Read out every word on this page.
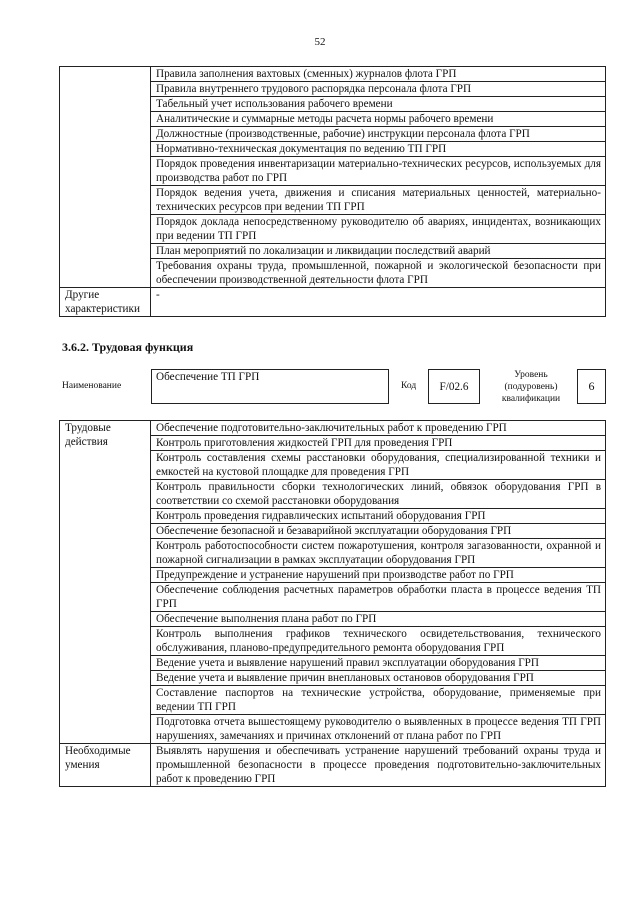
52
	Правила заполнения вахтовых (сменных) журналов флота ГРП
	Правила внутреннего трудового распорядка персонала флота ГРП
	Табельный учет использования рабочего времени
	Аналитические и суммарные методы расчета нормы рабочего времени
	Должностные (производственные, рабочие) инструкции персонала флота ГРП
	Нормативно-техническая документация по ведению ТП ГРП
	Порядок проведения инвентаризации материально-технических ресурсов, используемых для производства работ по ГРП
	Порядок ведения учета, движения и списания материальных ценностей, материально-технических ресурсов при ведении ТП ГРП
	Порядок доклада непосредственному руководителю об авариях, инцидентах, возникающих при ведении ТП ГРП
	План мероприятий по локализации и ликвидации последствий аварий
	Требования охраны труда, промышленной, пожарной и экологической безопасности при обеспечении производственной деятельности флота ГРП
Другие характеристики	-
3.6.2. Трудовая функция
Наименование
Обеспечение ТП ГРП
Код	F/02.6
Уровень (подуровень) квалификации
6
Трудовые действия	Обеспечение подготовительно-заключительных работ к проведению ГРП
	Контроль приготовления жидкостей ГРП для проведения ГРП
	Контроль составления схемы расстановки оборудования, специализированной техники и емкостей на кустовой площадке для проведения ГРП
	Контроль правильности сборки технологических линий, обвязок оборудования ГРП в соответствии со схемой расстановки оборудования
	Контроль проведения гидравлических испытаний оборудования ГРП
	Обеспечение безопасной и безаварийной эксплуатации оборудования ГРП
	Контроль работоспособности систем пожаротушения, контроля загазованности, охранной и пожарной сигнализации в рамках эксплуатации оборудования ГРП
	Предупреждение и устранение нарушений при производстве работ по ГРП
	Обеспечение соблюдения расчетных параметров обработки пласта в процессе ведения ТП ГРП
	Обеспечение выполнения плана работ по ГРП
	Контроль выполнения графиков технического освидетельствования, технического обслуживания, планово-предупредительного ремонта оборудования ГРП
	Ведение учета и выявление нарушений правил эксплуатации оборудования ГРП
	Ведение учета и выявление причин внеплановых остановов оборудования ГРП
	Составление паспортов на технические устройства, оборудование, применяемые при ведении ТП ГРП
	Подготовка отчета вышестоящему руководителю о выявленных в процессе ведения ТП ГРП нарушениях, замечаниях и причинах отклонений от плана работ по ГРП
Необходимые умения	Выявлять нарушения и обеспечивать устранение нарушений требований охраны труда и промышленной безопасности в процессе проведения подготовительно-заключительных работ к проведению ГРП
